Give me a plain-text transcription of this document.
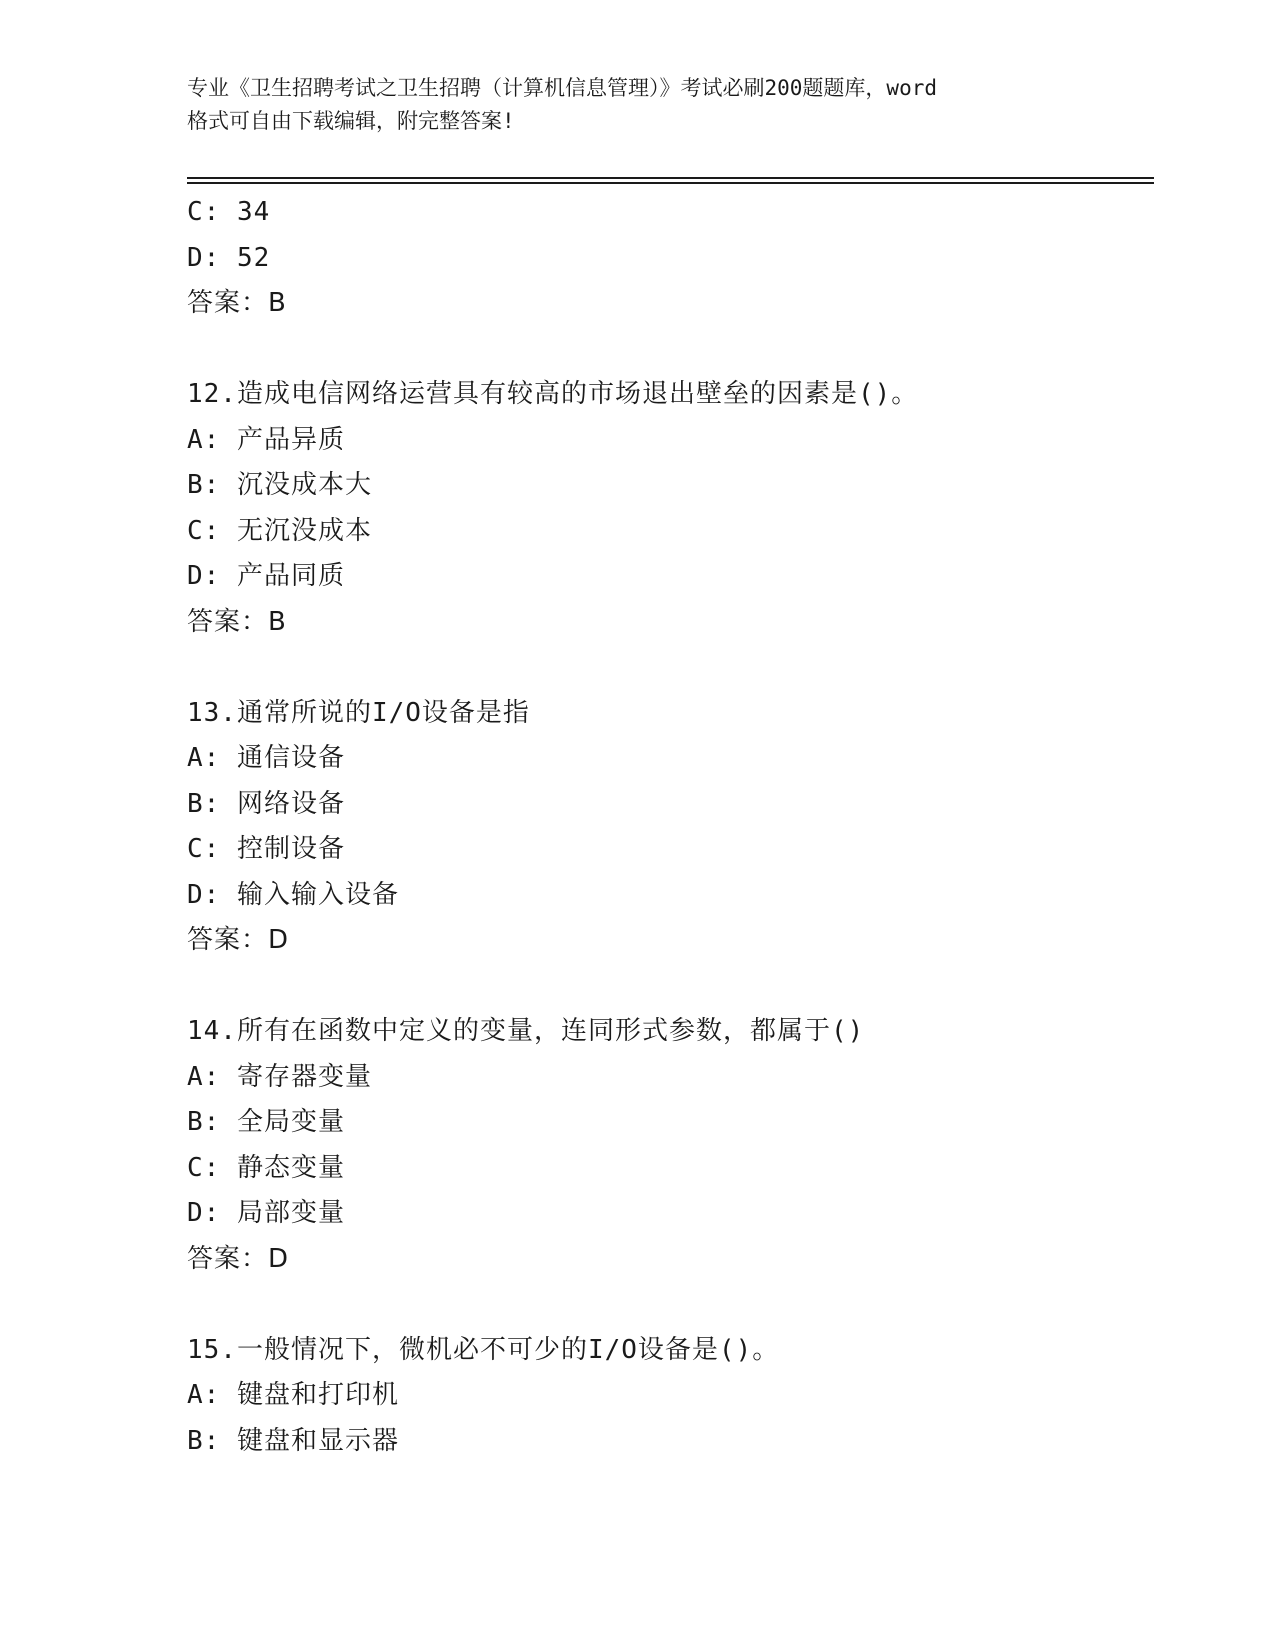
专业《卫生招聘考试之卫生招聘（计算机信息管理）》考试必刷200题题库，word
格式可自由下载编辑，附完整答案!
C: 34
D: 52
答案：B
12.造成电信网络运营具有较高的市场退出壁垒的因素是()。
A: 产品异质
B: 沉没成本大
C: 无沉没成本
D: 产品同质
答案：B
13.通常所说的I/O设备是指
A: 通信设备
B: 网络设备
C: 控制设备
D: 输入输入设备
答案：D
14.所有在函数中定义的变量，连同形式参数，都属于()
A: 寄存器变量
B: 全局变量
C: 静态变量
D: 局部变量
答案：D
15.一般情况下，微机必不可少的I/O设备是()。
A: 键盘和打印机
B: 键盘和显示器
